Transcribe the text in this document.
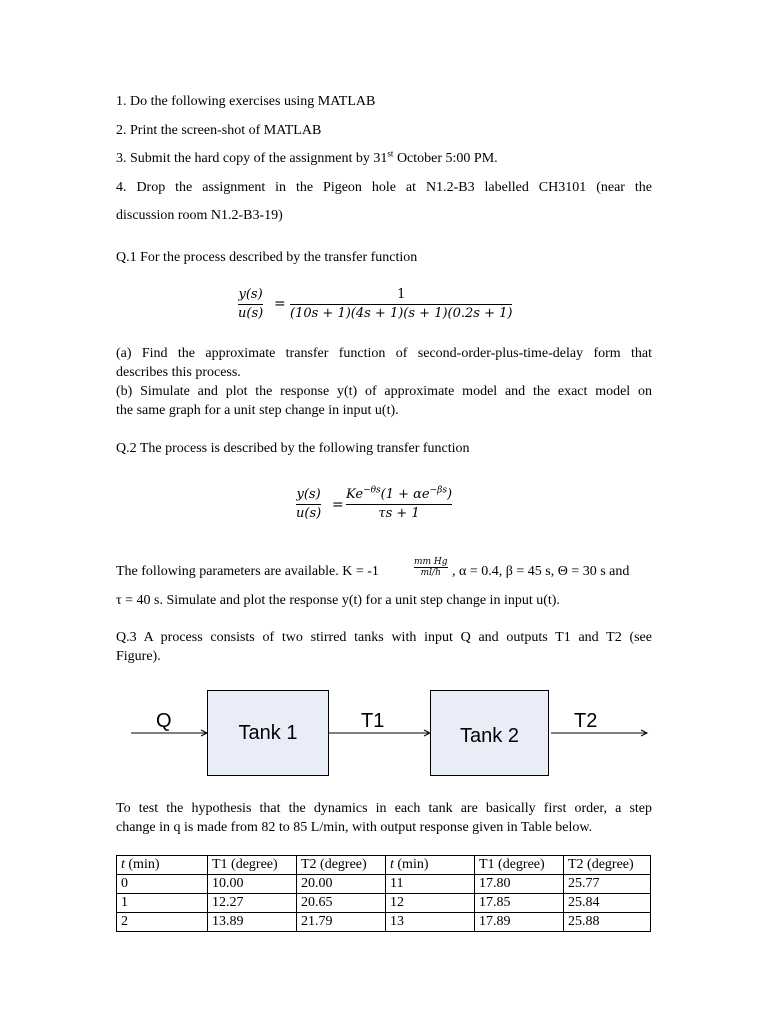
1. Do the following exercises using MATLAB
2. Print the screen-shot of MATLAB
3. Submit the hard copy of the assignment by 31st October 5:00 PM.
4. Drop the assignment in the Pigeon hole at N1.2-B3 labelled CH3101 (near the
discussion room N1.2-B3-19)
Q.1 For the process described by the transfer function
y(s)
u(s)
=
1
(10s + 1)(4s + 1)(s + 1)(0.2s + 1)
(a) Find the approximate transfer function of second-order-plus-time-delay form that
describes this process.
(b) Simulate and plot the response y(t) of approximate model and the exact model on
the same graph for a unit step change in input u(t).
Q.2 The process is described by the following transfer function
y(s)
u(s)
=
$Ke^{-\theta s}(1 + \alpha e^{-\beta s})$
τs + 1
The following parameters are available. K = -1
mm Hg
ml/h , α = 0.4, β = 45 s, Θ = 30 s and
τ = 40 s. Simulate and plot the response y(t) for a unit step change in input u(t).
Q.3 A process consists of two stirred tanks with input Q and outputs T1 and T2 (see
Figure).
Tank 1	Tank 2
Q	T1	T2
To test the hypothesis that the dynamics in each tank are basically first order, a step
change in q is made from 82 to 85 L/min, with output response given in Table below.
t (min)	T1 (degree)	T2 (degree)	t (min)	T1 (degree)	T2 (degree)
0	10.00	20.00	11	17.80	25.77
1	12.27	20.65	12	17.85	25.84
2	13.89	21.79	13	17.89	25.88
